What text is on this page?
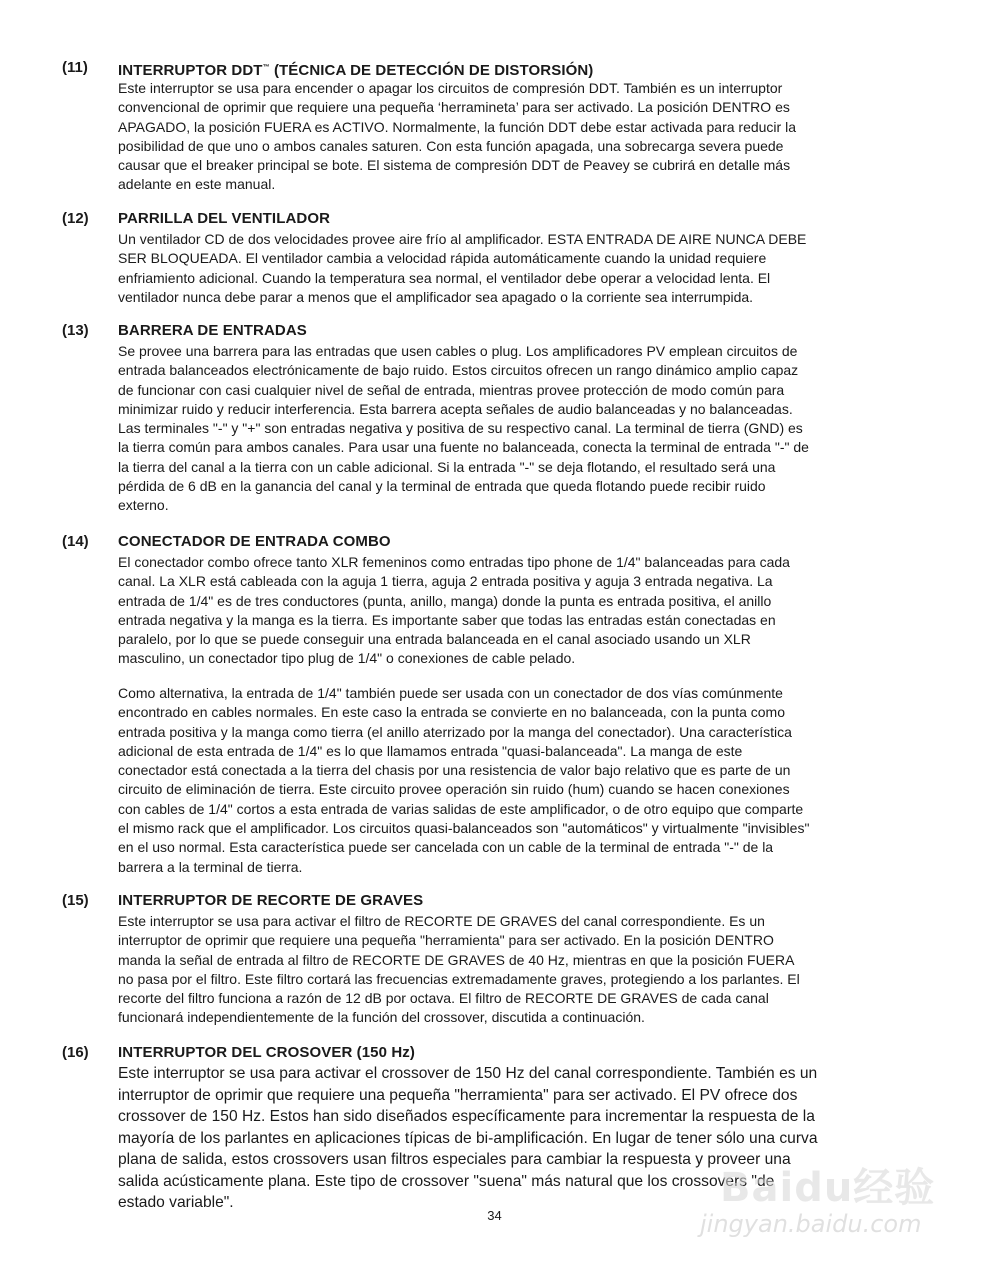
(11) INTERRUPTOR DDT™ (TÉCNICA DE DETECCIÓN DE DISTORSIÓN)
Este interruptor se usa para encender o apagar los circuitos de compresión DDT. También es un interruptor
convencional de oprimir que requiere una pequeña ‘herramineta’ para ser activado. La posición DENTRO es
APAGADO, la posición FUERA es ACTIVO. Normalmente, la función DDT debe estar activada para reducir la
posibilidad de que uno o ambos canales saturen. Con esta función apagada, una sobrecarga severa puede
causar que el breaker principal se bote. El sistema de compresión DDT de Peavey se cubrirá en detalle más
adelante en este manual.
(12) PARRILLA DEL VENTILADOR
Un ventilador CD de dos velocidades provee aire frío al amplificador. ESTA ENTRADA DE AIRE NUNCA DEBE
SER BLOQUEADA. El ventilador cambia a velocidad rápida automáticamente cuando la unidad requiere
enfriamiento adicional. Cuando la temperatura sea normal, el ventilador debe operar a velocidad lenta. El
ventilador nunca debe parar a menos que el amplificador sea apagado o la corriente sea interrumpida.
(13) BARRERA DE ENTRADAS
Se provee una barrera para las entradas que usen cables o plug. Los amplificadores PV emplean circuitos de
entrada balanceados electrónicamente de bajo ruido. Estos circuitos ofrecen un rango dinámico amplio capaz
de funcionar con casi cualquier nivel de señal de entrada, mientras provee protección de modo común para
minimizar ruido y reducir interferencia. Esta barrera acepta señales de audio balanceadas y no balanceadas.
Las terminales "-" y "+" son entradas negativa y positiva de su respectivo canal. La terminal de tierra (GND) es
la tierra común para ambos canales. Para usar una fuente no balanceada, conecta la terminal de entrada "-" de
la tierra del canal a la tierra con un cable adicional. Si la entrada "-" se deja flotando, el resultado será una
pérdida de 6 dB en la ganancia del canal y la terminal de entrada que queda flotando puede recibir ruido
externo.
(14) CONECTADOR DE ENTRADA COMBO
El conectador combo ofrece tanto XLR femeninos como entradas tipo phone de 1/4" balanceadas para cada
canal. La XLR está cableada con la aguja 1 tierra, aguja 2 entrada positiva y aguja 3 entrada negativa. La
entrada de 1/4" es de tres conductores (punta, anillo, manga) donde la punta es entrada positiva, el anillo
entrada negativa y la manga es la tierra. Es importante saber que todas las entradas están conectadas en
paralelo, por lo que se puede conseguir una entrada balanceada en el canal asociado usando un XLR
masculino, un conectador tipo plug de 1/4" o conexiones de cable pelado.
Como alternativa, la entrada de 1/4" también puede ser usada con un conectador de dos vías comúnmente
encontrado en cables normales. En este caso la entrada se convierte en no balanceada, con la punta como
entrada positiva y la manga como tierra (el anillo aterrizado por la manga del conectador). Una característica
adicional de esta entrada de 1/4" es lo que llamamos entrada "quasi-balanceada". La manga de este
conectador está conectada a la tierra del chasis por una resistencia de valor bajo relativo que es parte de un
circuito de eliminación de tierra. Este circuito provee operación sin ruido (hum) cuando se hacen conexiones
con cables de 1/4" cortos a esta entrada de varias salidas de este amplificador, o de otro equipo que comparte
el mismo rack que el amplificador. Los circuitos quasi-balanceados son "automáticos" y virtualmente "invisibles"
en el uso normal. Esta característica puede ser cancelada con un cable de la terminal de entrada "-" de la
barrera a la terminal de tierra.
(15) INTERRUPTOR DE RECORTE DE GRAVES
Este interruptor se usa para activar el filtro de RECORTE DE GRAVES del canal correspondiente. Es un
interruptor de oprimir que requiere una pequeña "herramienta" para ser activado. En la posición DENTRO
manda la señal de entrada al filtro de RECORTE DE GRAVES de 40 Hz, mientras en que la posición FUERA
no pasa por el filtro. Este filtro cortará las frecuencias extremadamente graves, protegiendo a los parlantes. El
recorte del filtro funciona a razón de 12 dB por octava. El filtro de RECORTE DE GRAVES de cada canal
funcionará independientemente de la función del crossover, discutida a continuación.
(16) INTERRUPTOR DEL CROSOVER (150 Hz)
Este interruptor se usa para activar el crossover de 150 Hz del canal correspondiente. También es un
interruptor de oprimir que requiere una pequeña "herramienta" para ser activado. El PV ofrece dos
crossover de 150 Hz. Estos han sido diseñados específicamente para incrementar la respuesta de la
mayoría de los parlantes en aplicaciones típicas de bi-amplificación. En lugar de tener sólo una curva
plana de salida, estos crossovers usan filtros especiales para cambiar la respuesta y proveer una
salida acústicamente plana. Este tipo de crossover "suena" más natural que los crossovers "de
estado variable".
34
Baidu经验
jingyan.baidu.com
